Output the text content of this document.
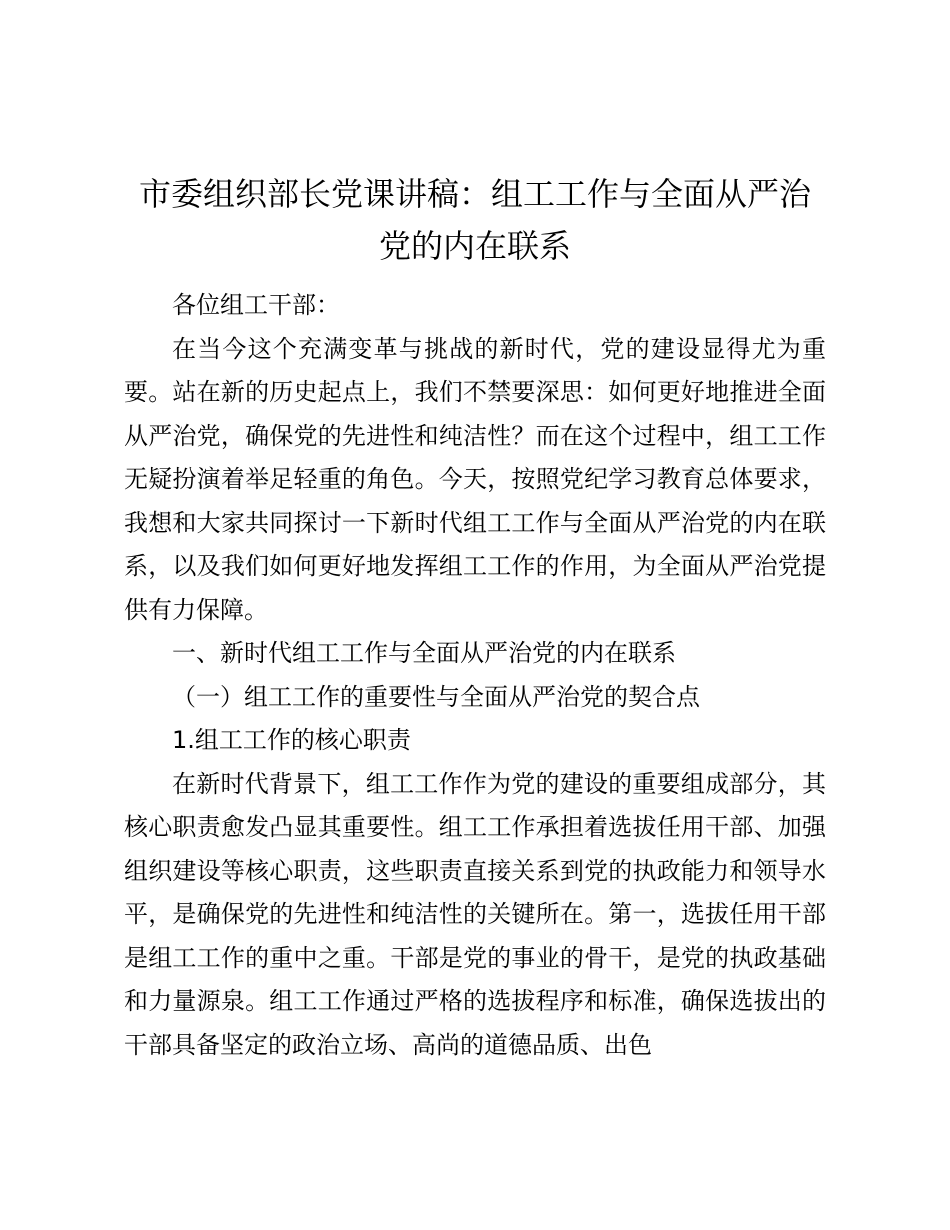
市委组织部长党课讲稿：组工工作与全面从严治党的内在联系

各位组工干部：

在当今这个充满变革与挑战的新时代，党的建设显得尤为重要。站在新的历史起点上，我们不禁要深思：如何更好地推进全面从严治党，确保党的先进性和纯洁性？而在这个过程中，组工工作无疑扮演着举足轻重的角色。今天，按照党纪学习教育总体要求，我想和大家共同探讨一下新时代组工工作与全面从严治党的内在联系，以及我们如何更好地发挥组工工作的作用，为全面从严治党提供有力保障。

一、新时代组工工作与全面从严治党的内在联系

（一）组工工作的重要性与全面从严治党的契合点

1.组工工作的核心职责

在新时代背景下，组工工作作为党的建设的重要组成部分，其核心职责愈发凸显其重要性。组工工作承担着选拔任用干部、加强组织建设等核心职责，这些职责直接关系到党的执政能力和领导水平，是确保党的先进性和纯洁性的关键所在。第一，选拔任用干部是组工工作的重中之重。干部是党的事业的骨干，是党的执政基础和力量源泉。组工工作通过严格的选拔程序和标准，确保选拔出的干部具备坚定的政治立场、高尚的道德品质、出色
